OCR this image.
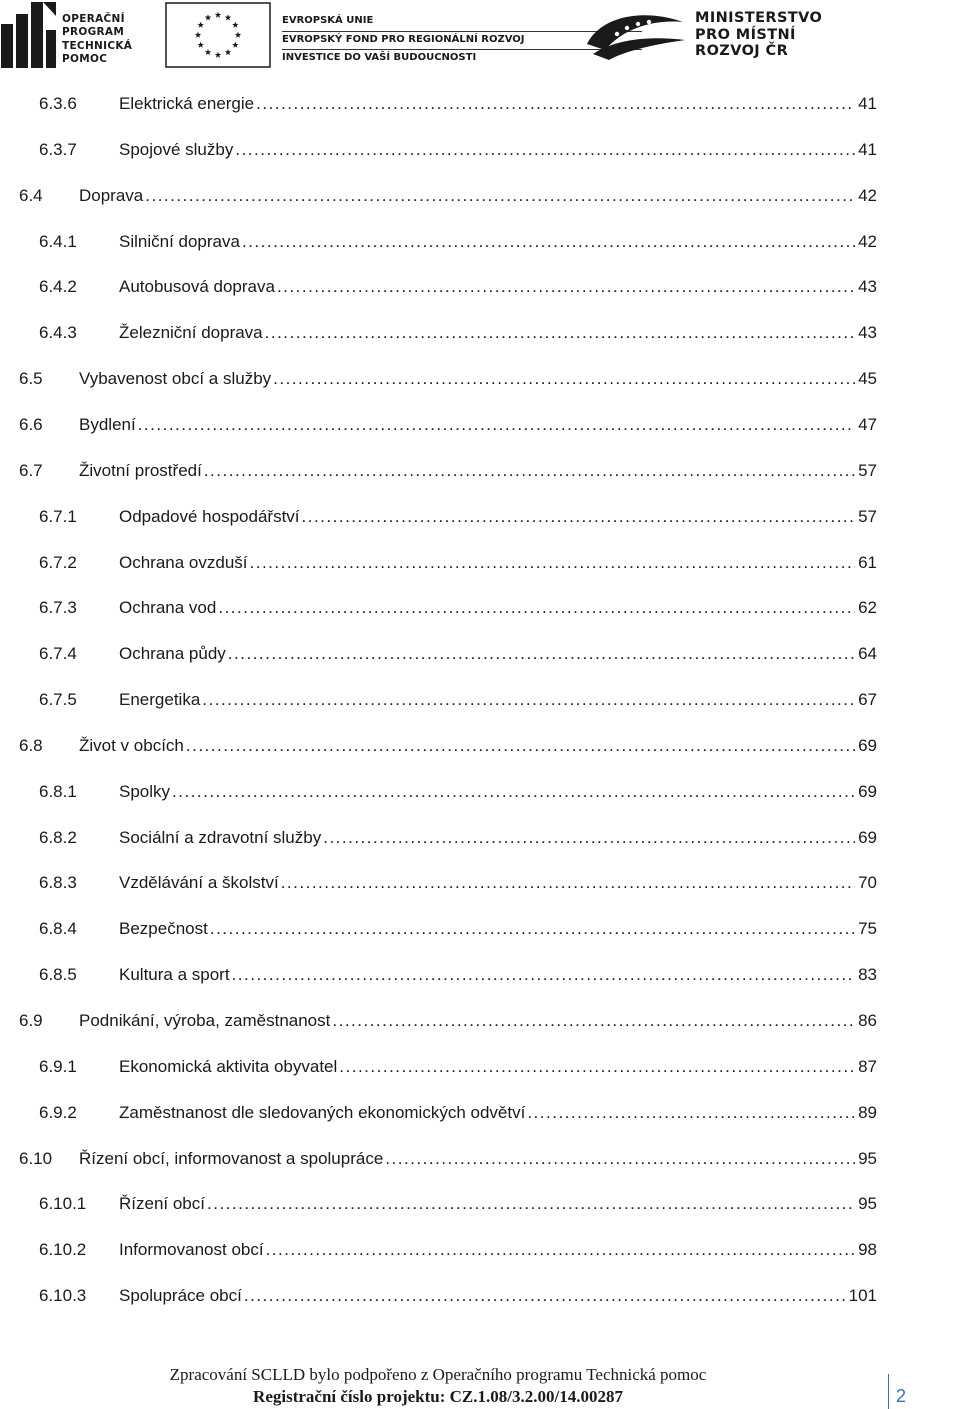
OPERAČNÍ
PROGRAM
TECHNICKÁ
POMOC
EVROPSKÁ UNIE
EVROPSKÝ FOND PRO REGIONÁLNÍ ROZVOJ
INVESTICE DO VAŠÍ BUDOUCNOSTI
MINISTERSTVO
PRO MÍSTNÍ
ROZVOJ ČR
6.3.6	Elektrická energie .....	41
6.3.7	Spojové služby .....	41
6.4	Doprava .....	42
6.4.1	Silniční doprava .....	42
6.4.2	Autobusová doprava .....	43
6.4.3	Železniční doprava .....	43
6.5	Vybavenost obcí a služby .....	45
6.6	Bydlení .....	47
6.7	Životní prostředí .....	57
6.7.1	Odpadové hospodářství .....	57
6.7.2	Ochrana ovzduší .....	61
6.7.3	Ochrana vod .....	62
6.7.4	Ochrana půdy .....	64
6.7.5	Energetika .....	67
6.8	Život v obcích .....	69
6.8.1	Spolky .....	69
6.8.2	Sociální a zdravotní služby .....	69
6.8.3	Vzdělávání a školství .....	70
6.8.4	Bezpečnost .....	75
6.8.5	Kultura a sport .....	83
6.9	Podnikání, výroba, zaměstnanost .....	86
6.9.1	Ekonomická aktivita obyvatel .....	87
6.9.2	Zaměstnanost dle sledovaných ekonomických odvětví .....	89
6.10	Řízení obcí, informovanost a spolupráce .....	95
6.10.1	Řízení obcí .....	95
6.10.2	Informovanost obcí .....	98
6.10.3	Spolupráce obcí .....	101
Zpracování SCLLD bylo podpořeno z Operačního programu Technická pomoc
Registrační číslo projektu: CZ.1.08/3.2.00/14.00287	2
